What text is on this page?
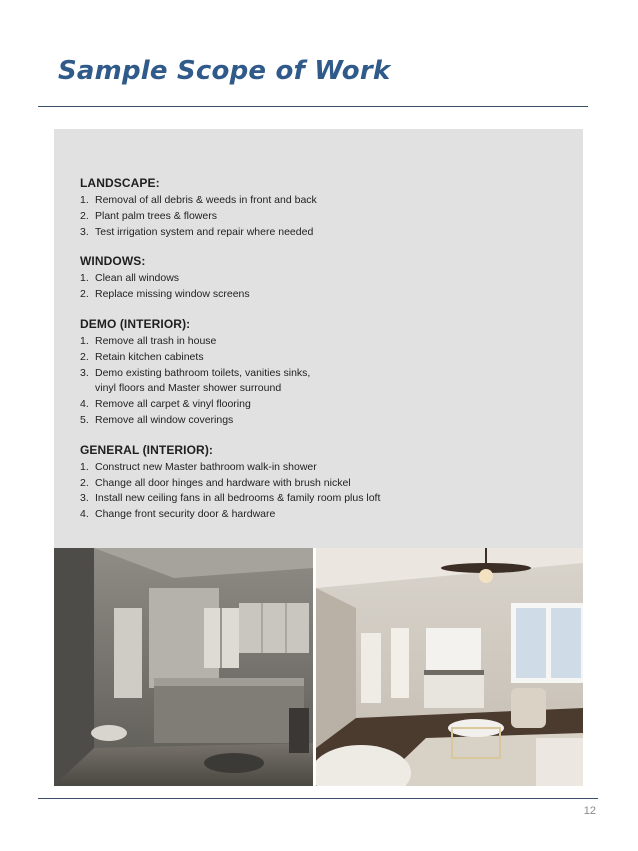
Sample Scope of Work
LANDSCAPE:
1. Removal of all debris & weeds in front and back
2. Plant palm trees & flowers
3. Test irrigation system and repair where needed
WINDOWS:
1. Clean all windows
2. Replace missing window screens
DEMO (INTERIOR):
1. Remove all trash in house
2. Retain kitchen cabinets
3. Demo existing bathroom toilets, vanities sinks,
vinyl floors and Master shower surround
4. Remove all carpet & vinyl flooring
5. Remove all window coverings
GENERAL (INTERIOR):
1. Construct new Master bathroom walk-in shower
2. Change all door hinges and hardware with brush nickel
3. Install new ceiling fans in all bedrooms & family room plus loft
4. Change front security door & hardware
12
